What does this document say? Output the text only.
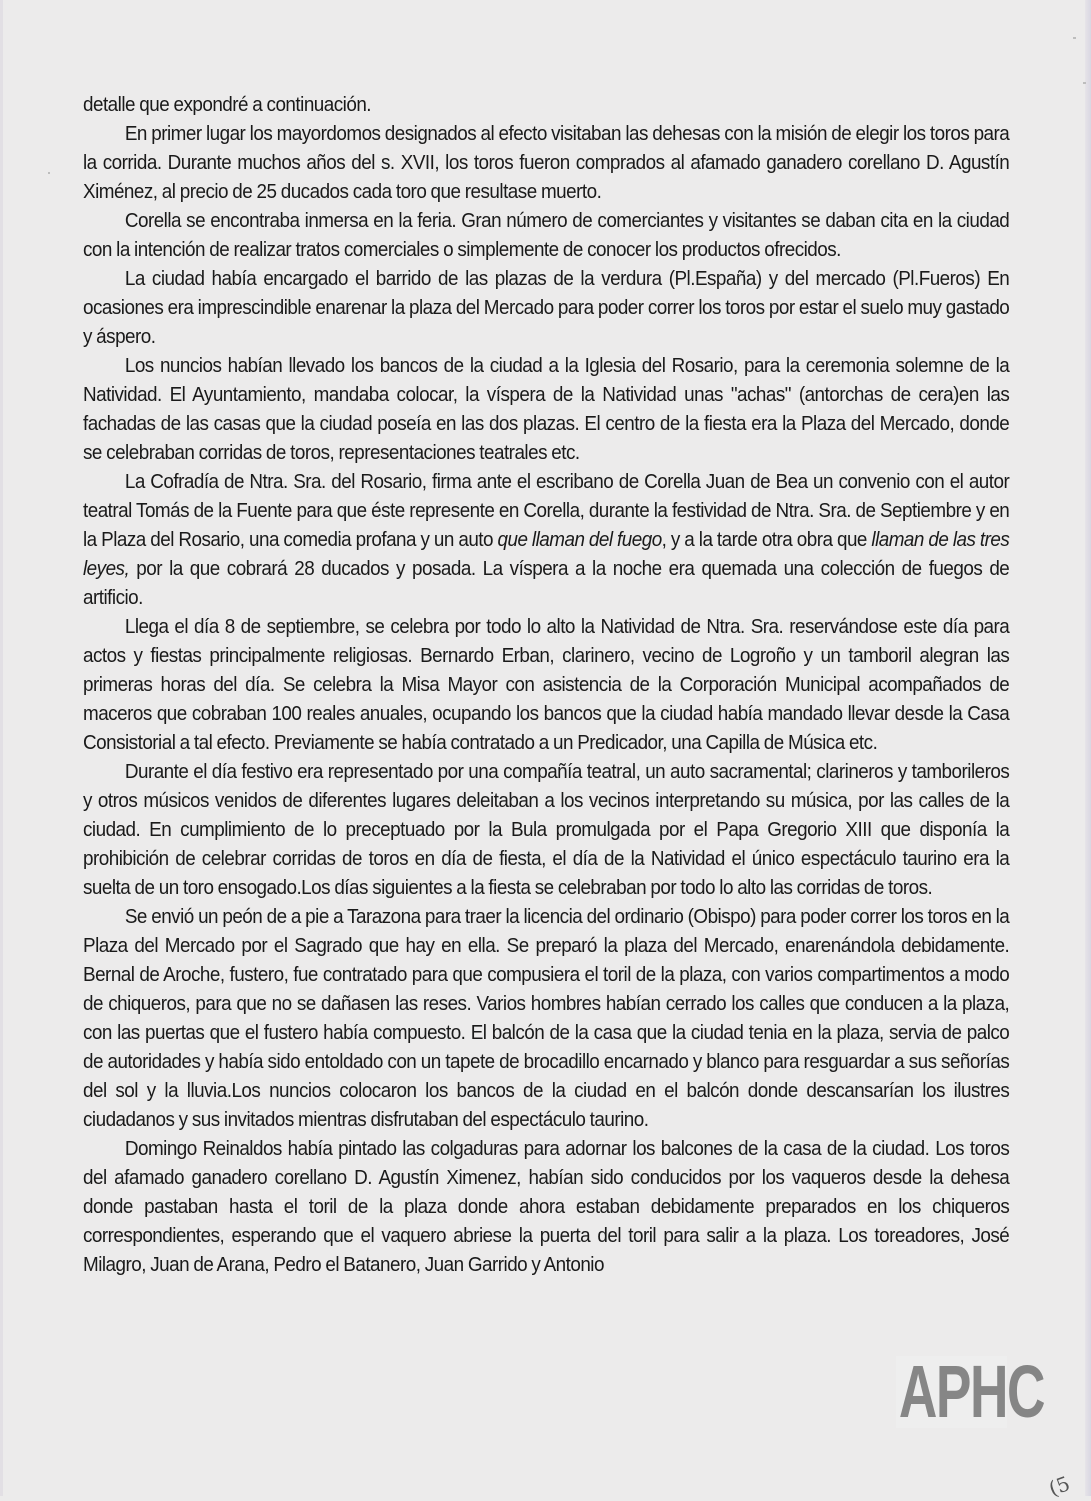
detalle que expondré a continuación.

En primer lugar los mayordomos designados al efecto visitaban las dehesas con la misión de elegir los toros para la corrida. Durante muchos años del s. XVII, los toros fueron comprados al afamado ganadero corellano D. Agustín Ximénez, al precio de 25 ducados cada toro que resultase muerto.

Corella se encontraba inmersa en la feria. Gran número de comerciantes y visitantes se daban cita en la ciudad con la intención de realizar tratos comerciales o simplemente de conocer los productos ofrecidos.

La ciudad había encargado el barrido de las plazas de la verdura (Pl.España) y del mercado (Pl.Fueros) En ocasiones era imprescindible enarenar la plaza del Mercado para poder correr los toros por estar el suelo muy gastado y áspero.

Los nuncios habían llevado los bancos de la ciudad a la Iglesia del Rosario, para la ceremonia solemne de la Natividad. El Ayuntamiento, mandaba colocar, la víspera de la Natividad unas "achas" (antorchas de cera)en las fachadas de las casas que la ciudad poseía en las dos plazas. El centro de la fiesta era la Plaza del Mercado, donde se celebraban corridas de toros, representaciones teatrales etc.

La Cofradía de Ntra. Sra. del Rosario, firma ante el escribano de Corella Juan de Bea un convenio con el autor teatral Tomás de la Fuente para que éste represente en Corella, durante la festividad de Ntra. Sra. de Septiembre y en la Plaza del Rosario, una comedia profana y un auto que llaman del fuego, y a la tarde otra obra que llaman de las tres leyes, por la que cobrará 28 ducados y posada. La víspera a la noche era quemada una colección de fuegos de artificio.

Llega el día 8 de septiembre, se celebra por todo lo alto la Natividad de Ntra. Sra. reservándose este día para actos y fiestas principalmente religiosas. Bernardo Erban, clarinero, vecino de Logroño y un tamboril alegran las primeras horas del día. Se celebra la Misa Mayor con asistencia de la Corporación Municipal acompañados de maceros que cobraban 100 reales anuales, ocupando los bancos que la ciudad había mandado llevar desde la Casa Consistorial a tal efecto. Previamente se había contratado a un Predicador, una Capilla de Música etc.

Durante el día festivo era representado por una compañía teatral, un auto sacramental; clarineros y tamborileros y otros músicos venidos de diferentes lugares deleitaban a los vecinos interpretando su música, por las calles de la ciudad. En cumplimiento de lo preceptuado por la Bula promulgada por el Papa Gregorio XIII que disponía la prohibición de celebrar corridas de toros en día de fiesta, el día de la Natividad el único espectáculo taurino era la suelta de un toro ensogado.Los días siguientes a la fiesta se celebraban por todo lo alto las corridas de toros.

Se envió un peón de a pie a Tarazona para traer la licencia del ordinario (Obispo) para poder correr los toros en la Plaza del Mercado por el Sagrado que hay en ella. Se preparó la plaza del Mercado, enarenándola debidamente. Bernal de Aroche, fustero, fue contratado para que compusiera el toril de la plaza, con varios compartimentos a modo de chiqueros, para que no se dañasen las reses. Varios hombres habían cerrado los calles que conducen a la plaza, con las puertas que el fustero había compuesto. El balcón de la casa que la ciudad tenia en la plaza, servia de palco de autoridades y había sido entoldado con un tapete de brocadillo encarnado y blanco para resguardar a sus señorías del sol y la lluvia.Los nuncios colocaron los bancos de la ciudad en el balcón donde descansarían los ilustres ciudadanos y sus invitados mientras disfrutaban del espectáculo taurino.

Domingo Reinaldos había pintado las colgaduras para adornar los balcones de la casa de la ciudad. Los toros del afamado ganadero corellano D. Agustín Ximenez, habían sido conducidos por los vaqueros desde la dehesa donde pastaban hasta el toril de la plaza donde ahora estaban debidamente preparados en los chiqueros correspondientes, esperando que el vaquero abriese la puerta del toril para salir a la plaza. Los toreadores, José Milagro, Juan de Arana, Pedro el Batanero, Juan Garrido y Antonio

APHC
(5
